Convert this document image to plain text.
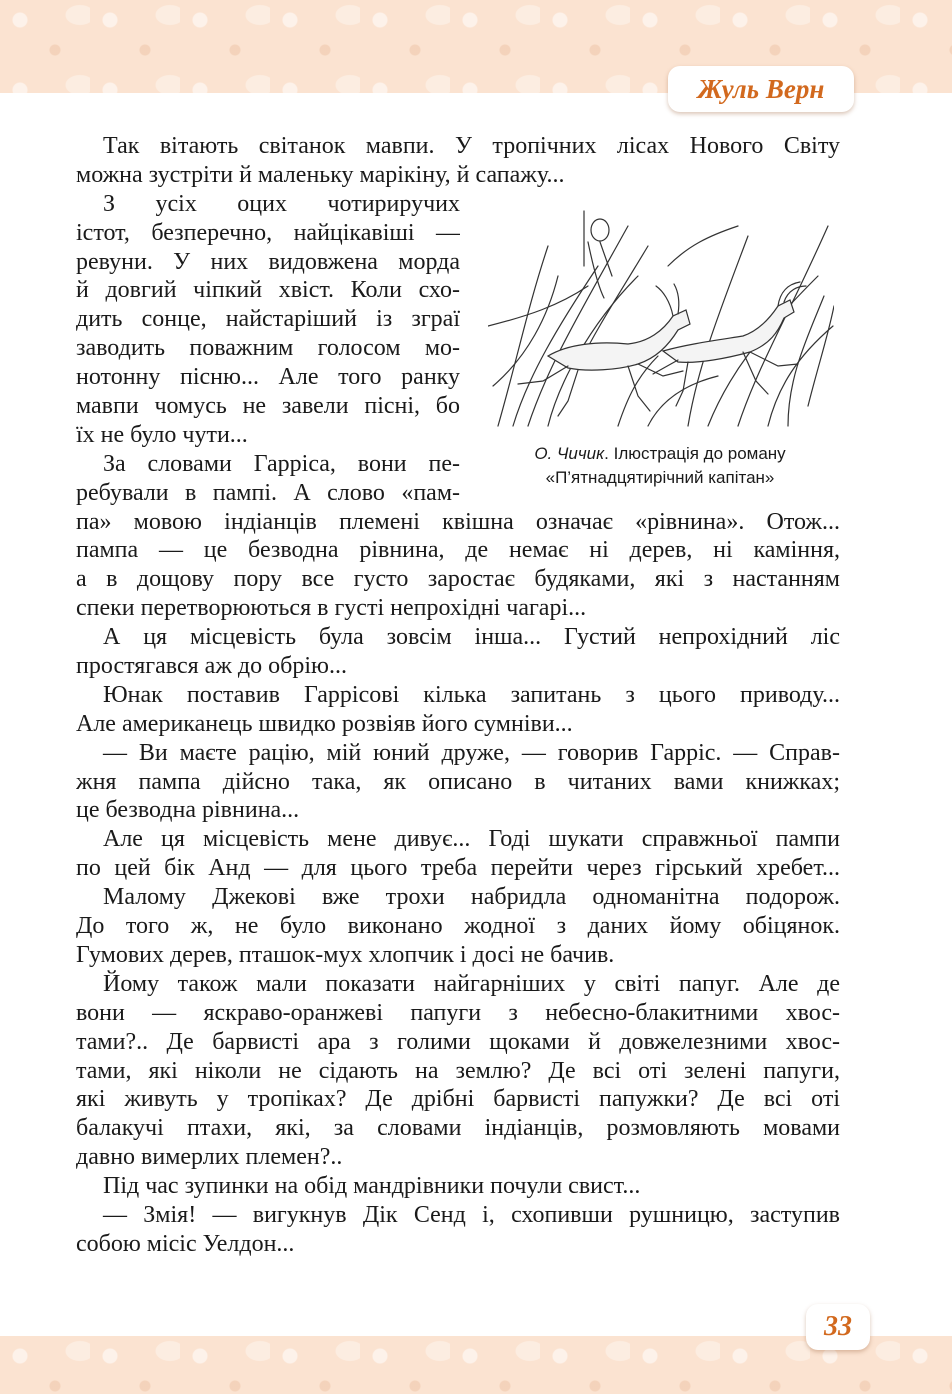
Жуль Верн
Так вітають світанок мавпи. У тропічних лісах Нового Світу
можна зустріти й маленьку марікіну, й сапажу...
З усіх оцих чотириручих
істот, безперечно, найцікавіші —
ревуни. У них видовжена морда
й довгий чіпкий хвіст. Коли схо-
дить сонце, найстаріший із зграї
заводить поважним голосом мо-
нотонну пісню... Але того ранку
мавпи чомусь не завели пісні, бо
їх не було чути...
За словами Гарріса, вони пе-
ребували в пампі. А слово «пам-
па» мовою індіанців племені квішна означає «рівнина». Отож...
пампа — це безводна рівнина, де немає ні дерев, ні каміння,
а в дощову пору все густо заростає будяками, які з настанням
спеки перетворюються в густі непрохідні чагарі...
А ця місцевість була зовсім інша... Густий непрохідний ліс
простягався аж до обрію...
Юнак поставив Гаррісові кілька запитань з цього приводу...
Але американець швидко розвіяв його сумніви...
— Ви маєте рацію, мій юний друже, — говорив Гарріс. — Справ-
жня пампа дійсно така, як описано в читаних вами книжках;
це безводна рівнина...
Але ця місцевість мене дивує... Годі шукати справжньої пампи
по цей бік Анд — для цього треба перейти через гірський хребет...
Малому Джекові вже трохи набридла одноманітна подорож.
До того ж, не було виконано жодної з даних йому обіцянок.
Гумових дерев, пташок-мух хлопчик і досі не бачив.
Йому також мали показати найгарніших у світі папуг. Але де
вони — яскраво-оранжеві папуги з небесно-блакитними хвос-
тами?.. Де барвисті ара з голими щоками й довжелезними хвос-
тами, які ніколи не сідають на землю? Де всі оті зелені папуги,
які живуть у тропіках? Де дрібні барвисті папужки? Де всі оті
балакучі птахи, які, за словами індіанців, розмовляють мовами
давно вимерлих племен?..
Під час зупинки на обід мандрівники почули свист...
— Змія! — вигукнув Дік Сенд і, схопивши рушницю, заступив
собою місіс Уелдон...
О. Чичик. Ілюстрація до роману
«П’ятнадцятирічний капітан»
33
